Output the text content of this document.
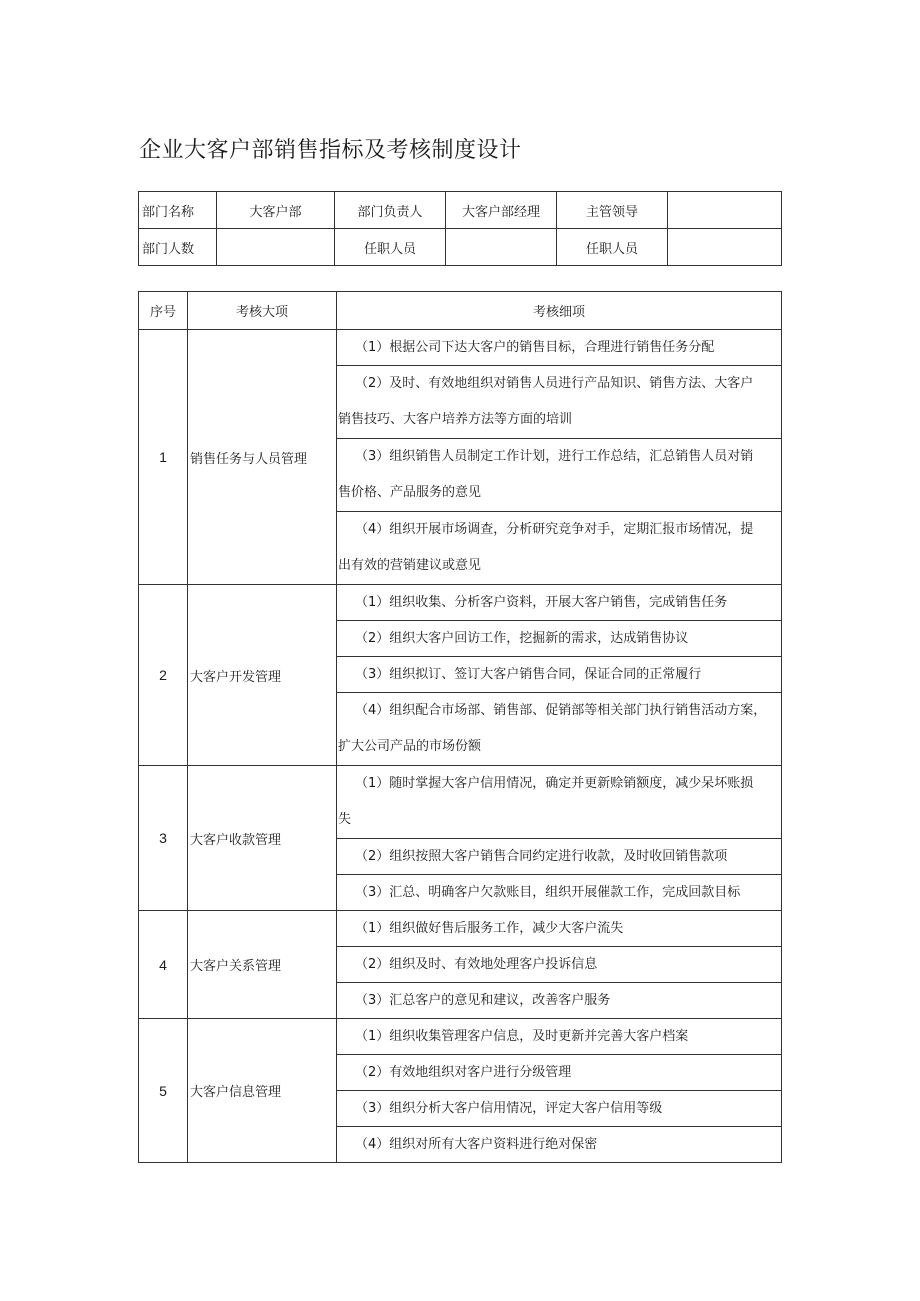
企业大客户部销售指标及考核制度设计
部门名称	大客户部	部门负责人	大客户部经理	主管领导	
部门人数		任职人员		任职人员	
序号	考核大项	考核细项
1	销售任务与人员管理	（1）根据公司下达大客户的销售目标，合理进行销售任务分配

		（2）及时、有效地组织对销售人员进行产品知识、销售方法、大客户
销售技巧、大客户培养方法等方面的培训

		（3）组织销售人员制定工作计划，进行工作总结，汇总销售人员对销
售价格、产品服务的意见

		（4）组织开展市场调查，分析研究竞争对手，定期汇报市场情况，提
出有效的营销建议或意见

2	大客户开发管理	（1）组织收集、分析客户资料，开展大客户销售，完成销售任务

		（2）组织大客户回访工作，挖掘新的需求，达成销售协议

		（3）组织拟订、签订大客户销售合同，保证合同的正常履行

		（4）组织配合市场部、销售部、促销部等相关部门执行销售活动方案，
扩大公司产品的市场份额

3	大客户收款管理	（1）随时掌握大客户信用情况，确定并更新赊销额度，减少呆坏账损
失

		（2）组织按照大客户销售合同约定进行收款，及时收回销售款项

		（3）汇总、明确客户欠款账目，组织开展催款工作，完成回款目标

4	大客户关系管理	（1）组织做好售后服务工作，减少大客户流失

		（2）组织及时、有效地处理客户投诉信息

		（3）汇总客户的意见和建议，改善客户服务

5	大客户信息管理	（1）组织收集管理客户信息，及时更新并完善大客户档案

		（2）有效地组织对客户进行分级管理

		（3）组织分析大客户信用情况，评定大客户信用等级

		（4）组织对所有大客户资料进行绝对保密
